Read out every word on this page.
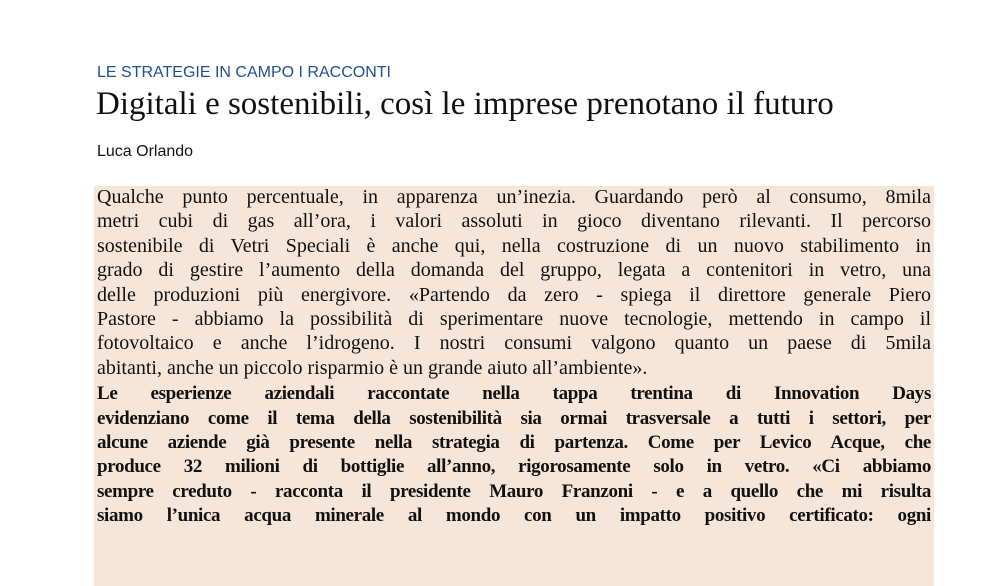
LE STRATEGIE IN CAMPO I RACCONTI
Digitali e sostenibili, così le imprese prenotano il futuro
Luca Orlando
Qualche punto percentuale, in apparenza un’inezia. Guardando però al consumo, 8mila
metri cubi di gas all’ora, i valori assoluti in gioco diventano rilevanti. Il percorso
sostenibile di Vetri Speciali è anche qui, nella costruzione di un nuovo stabilimento in
grado di gestire l’aumento della domanda del gruppo, legata a contenitori in vetro, una
delle produzioni più energivore. «Partendo da zero - spiega il direttore generale Piero
Pastore - abbiamo la possibilità di sperimentare nuove tecnologie, mettendo in campo il
fotovoltaico e anche l’idrogeno. I nostri consumi valgono quanto un paese di 5mila
abitanti, anche un piccolo risparmio è un grande aiuto all’ambiente».
Le esperienze aziendali raccontate nella tappa trentina di Innovation Days
evidenziano come il tema della sostenibilità sia ormai trasversale a tutti i settori, per
alcune aziende già presente nella strategia di partenza. Come per Levico Acque, che
produce 32 milioni di bottiglie all’anno, rigorosamente solo in vetro. «Ci abbiamo
sempre creduto - racconta il presidente Mauro Franzoni - e a quello che mi risulta
siamo l’unica acqua minerale al mondo con un impatto positivo certificato: ogni
